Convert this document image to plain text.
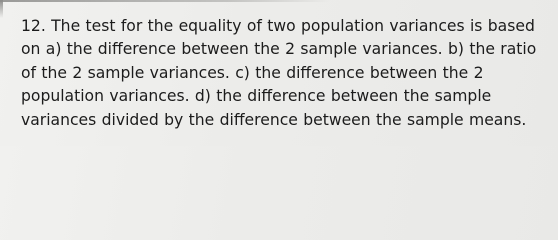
12. The test for the equality of two population variances is based on a) the difference between the 2 sample variances. b) the ratio of the 2 sample variances. c) the difference between the 2 population variances. d) the difference between the sample variances divided by the difference between the sample means.
